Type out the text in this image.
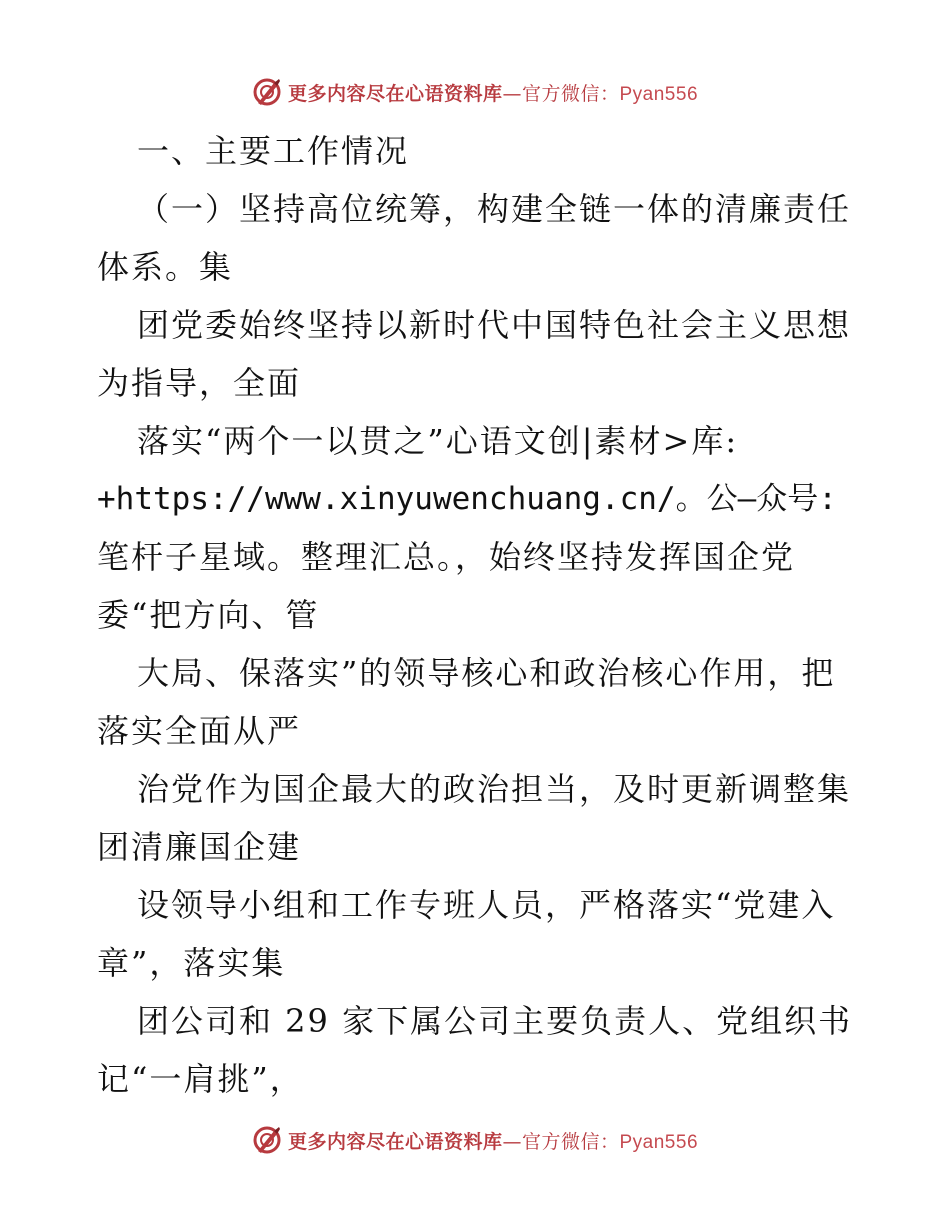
更多内容尽在心语资料库—官方微信：Pyan556
一、主要工作情况
（一）坚持高位统筹，构建全链一体的清廉责任
体系。集
团党委始终坚持以新时代中国特色社会主义思想
为指导，全面
落实“两个一以贯之”心语文创|素材>库:
+https://www.xinyuwenchuang.cn/。公—众号:
笔杆子星域。整理汇总。，始终坚持发挥国企党
委“把方向、管
大局、保落实”的领导核心和政治核心作用，把
落实全面从严
治党作为国企最大的政治担当，及时更新调整集
团清廉国企建
设领导小组和工作专班人员，严格落实“党建入
章”，落实集
团公司和 29 家下属公司主要负责人、党组织书
记“一肩挑”，
更多内容尽在心语资料库—官方微信：Pyan556
